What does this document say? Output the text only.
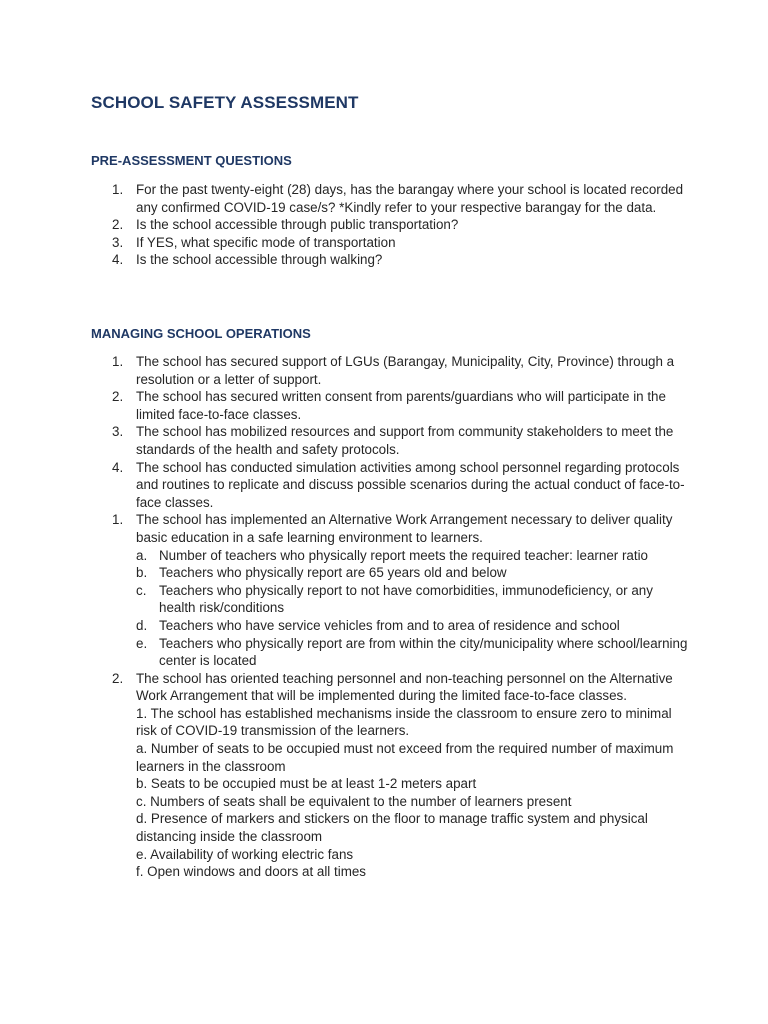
SCHOOL SAFETY ASSESSMENT
PRE-ASSESSMENT QUESTIONS
1. For the past twenty-eight (28) days, has the barangay where your school is located recorded any confirmed COVID-19 case/s? *Kindly refer to your respective barangay for the data.
2. Is the school accessible through public transportation?
3. If YES, what specific mode of transportation
4. Is the school accessible through walking?
MANAGING SCHOOL OPERATIONS
1. The school has secured support of LGUs (Barangay, Municipality, City, Province) through a resolution or a letter of support.
2. The school has secured written consent from parents/guardians who will participate in the limited face-to-face classes.
3. The school has mobilized resources and support from community stakeholders to meet the standards of the health and safety protocols.
4. The school has conducted simulation activities among school personnel regarding protocols and routines to replicate and discuss possible scenarios during the actual conduct of face-to-face classes.
1. The school has implemented an Alternative Work Arrangement necessary to deliver quality basic education in a safe learning environment to learners.
a. Number of teachers who physically report meets the required teacher: learner ratio
b. Teachers who physically report are 65 years old and below
c. Teachers who physically report to not have comorbidities, immunodeficiency, or any health risk/conditions
d. Teachers who have service vehicles from and to area of residence and school
e. Teachers who physically report are from within the city/municipality where school/learning center is located
2. The school has oriented teaching personnel and non-teaching personnel on the Alternative Work Arrangement that will be implemented during the limited face-to-face classes.
1. The school has established mechanisms inside the classroom to ensure zero to minimal risk of COVID-19 transmission of the learners.
a. Number of seats to be occupied must not exceed from the required number of maximum learners in the classroom
b. Seats to be occupied must be at least 1-2 meters apart
c. Numbers of seats shall be equivalent to the number of learners present
d. Presence of markers and stickers on the floor to manage traffic system and physical distancing inside the classroom
e. Availability of working electric fans
f. Open windows and doors at all times
